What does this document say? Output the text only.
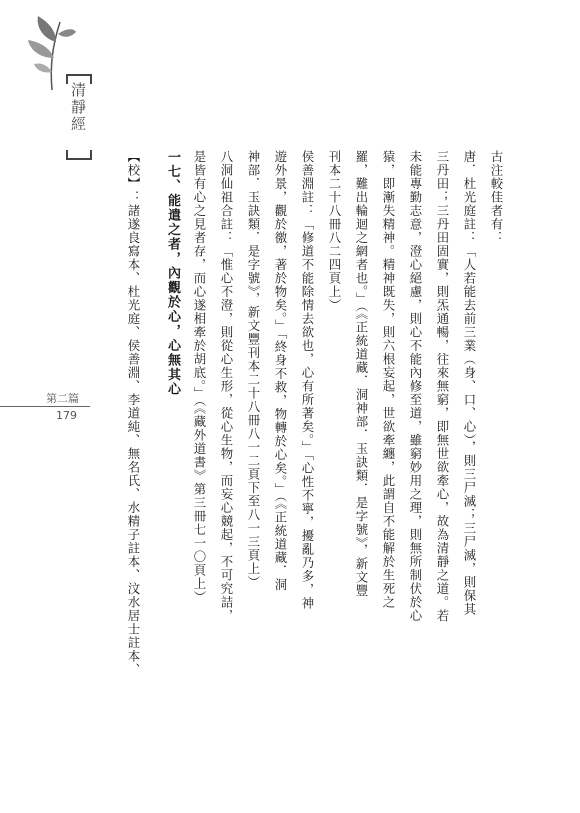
清靜經
第二篇
179
古注較佳者有：
唐．杜光庭註：「人若能去前三業（身、口、心），則三尸滅；三尸滅，則保其
三丹田；三丹田固實，則炁通暢，往來無窮，即無世欲牽心，故為清靜之道。若
未能專勤志意，澄心絕慮，則心不能內修至道，雖窮妙用之理，則無所制伏於心
猿，即漸失精神。精神既失，則六根妄起，世欲牽纏，此謂自不能解於生死之
羅，難出輪迴之網者也。」（《正統道藏．洞神部．玉訣類．是字號》，新文豐
刊本二十八冊八二四頁上）
侯善淵註：「修道不能除情去欲也，心有所著矣。」「心性不寧，擾亂乃多，神
遊外景，觀於徼，著於物矣。」「終身不救，物轉於心矣。」（《正統道藏．洞
神部．玉訣類．是字號》，新文豐刊本二十八冊八一二頁下至八一三頁上）
八洞仙祖合註：「惟心不澄，則從心生形，從心生物，而妄心競起，不可究詰，
是皆有心之見者存，而心遂相牽於胡底。」（《藏外道書》第三冊七一〇頁上）
一七、能遣之者，內觀於心，心無其心
【校】：諸遂良寫本、杜光庭、侯善淵、李道純、無名氏、水精子註本、汶水居士註本、
